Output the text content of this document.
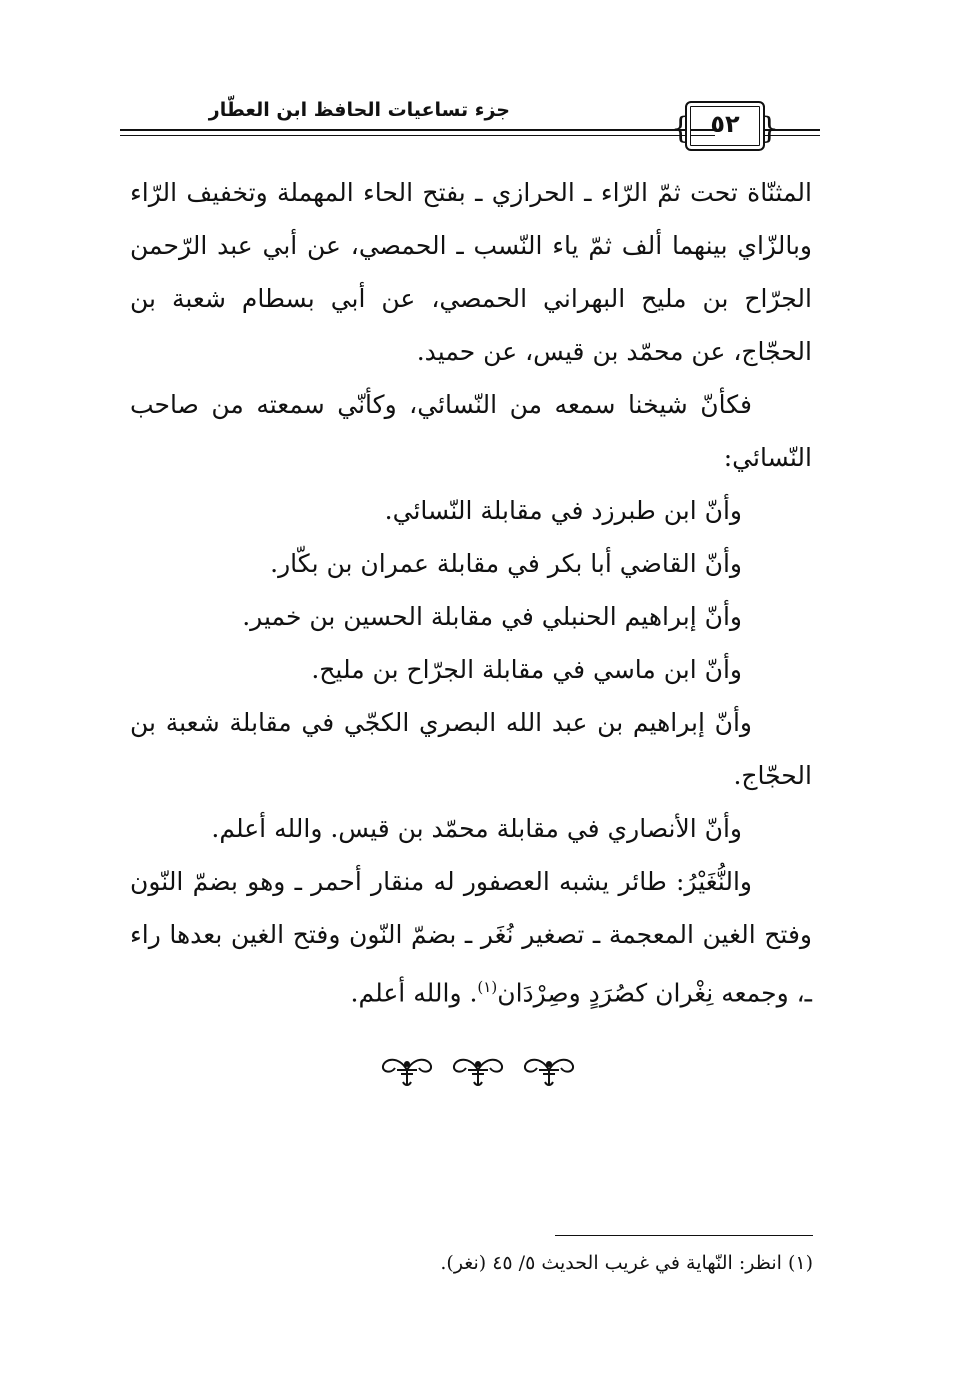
جزء تساعيات الحافظ ابن العطّار
{ }
٥٢

المثنّاة تحت ثمّ الرّاء ـ الحرازي ـ بفتح الحاء المهملة وتخفيف الرّاء وبالزّاي بينهما ألف ثمّ ياء النّسب ـ الحمصي، عن أبي عبد الرّحمن الجرّاح بن مليح البهراني الحمصي، عن أبي بسطام شعبة بن الحجّاج، عن محمّد بن قيس، عن حميد.

فكأنّ شيخنا سمعه من النّسائي، وكأنّي سمعته من صاحب النّسائي:

وأنّ ابن طبرزد في مقابلة النّسائي.

وأنّ القاضي أبا بكر في مقابلة عمران بن بكّار.

وأنّ إبراهيم الحنبلي في مقابلة الحسين بن خمير.

وأنّ ابن ماسي في مقابلة الجرّاح بن مليح.

وأنّ إبراهيم بن عبد الله البصري الكجّي في مقابلة شعبة بن الحجّاج.

وأنّ الأنصاري في مقابلة محمّد بن قيس. والله أعلم.

والنُّغَيْرُ: طائر يشبه العصفور له منقار أحمر ـ وهو بضمّ النّون وفتح الغين المعجمة ـ تصغير نُغَر ـ بضمّ النّون وفتح الغين بعدها راء ـ، وجمعه نِغْران كصُرَدٍ وصِرْدَان$^{(١)}$. والله أعلم.

(١) انظر: النّهاية في غريب الحديث ٥/ ٤٥ (نغر).
